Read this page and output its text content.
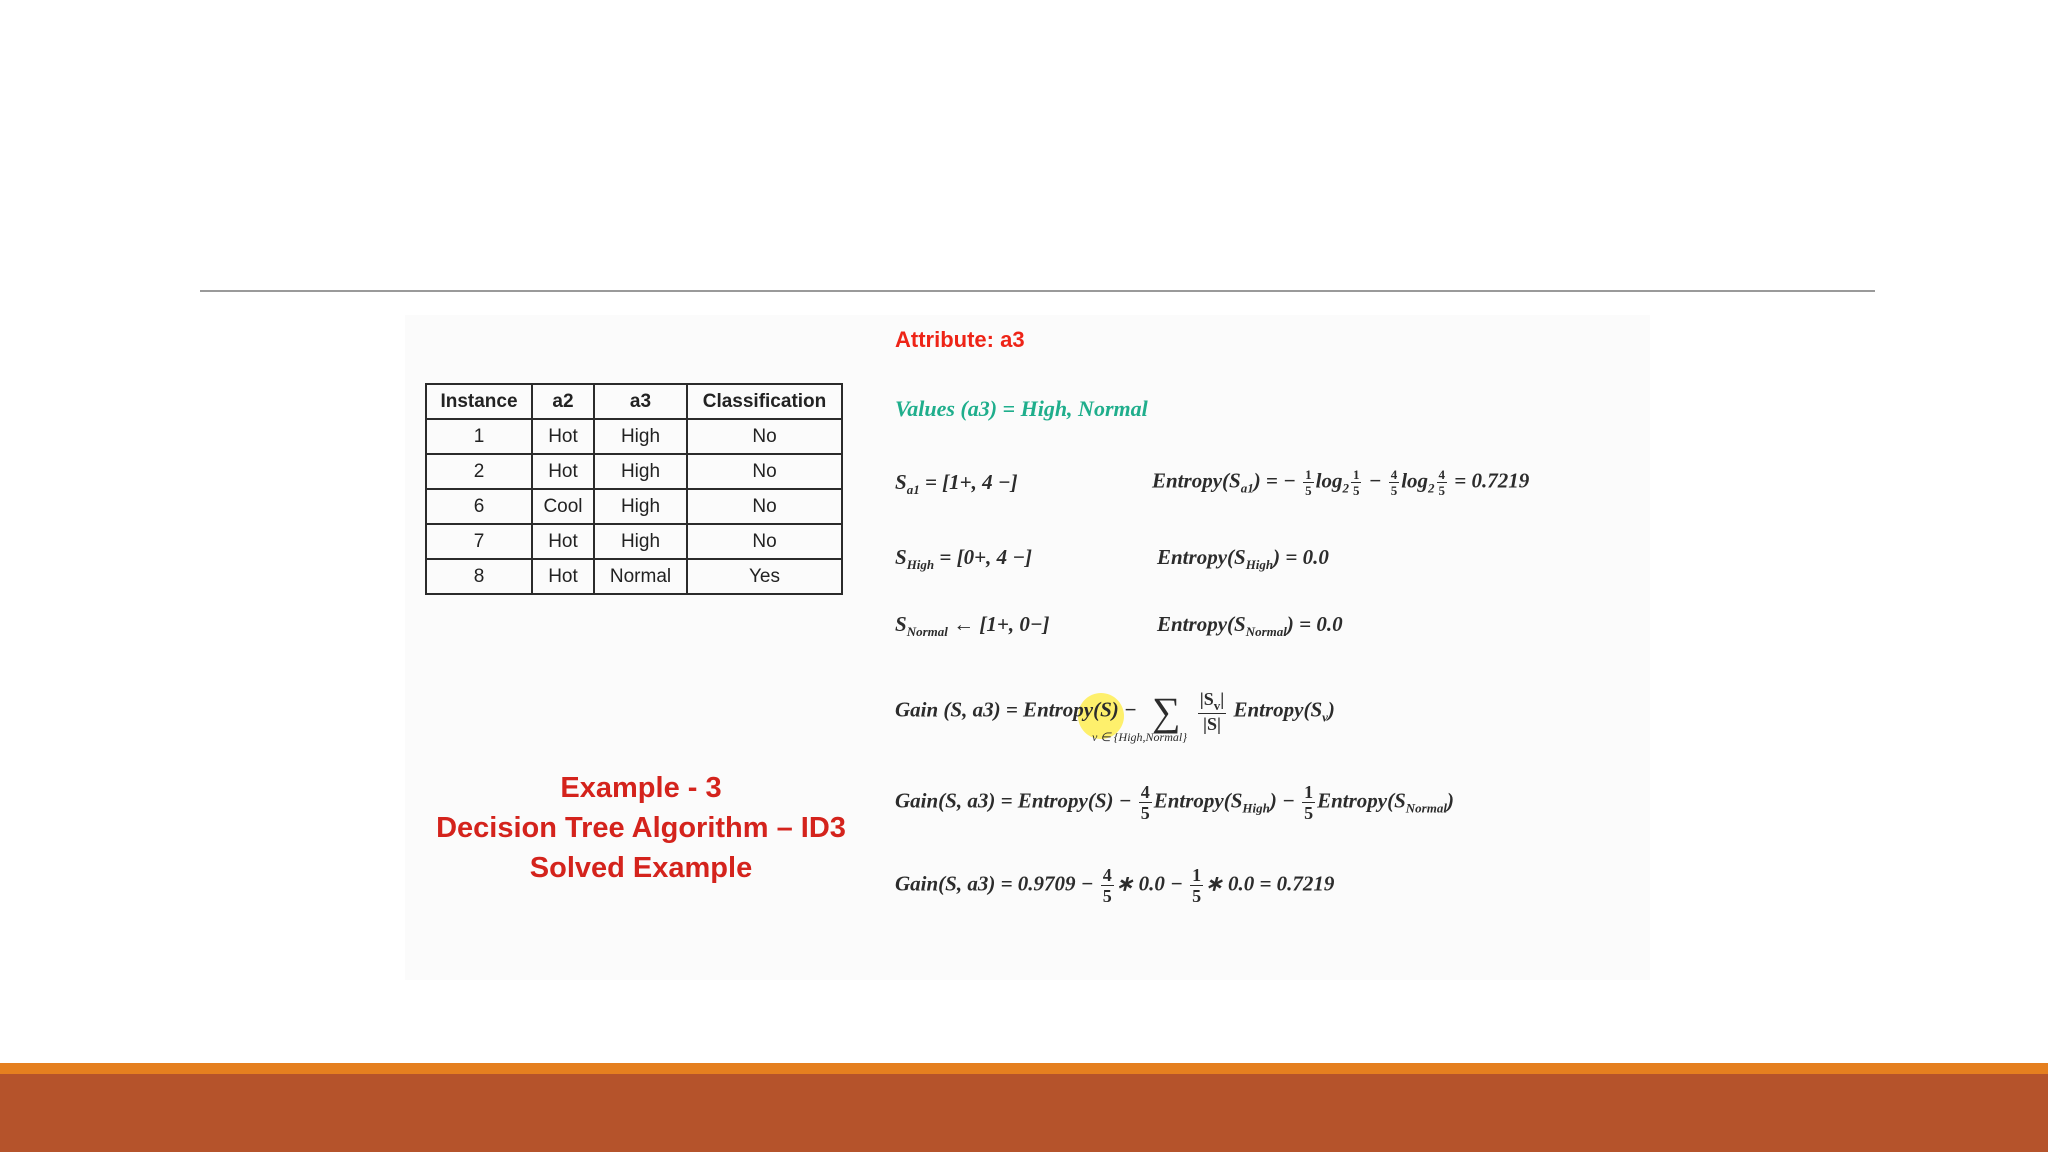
Instance	a2	a3	Classification
1	Hot	High	No
2	Hot	High	No
6	Cool	High	No
7	Hot	High	No
8	Hot	Normal	Yes
Example - 3
Decision Tree Algorithm – ID3
Solved Example
Attribute: a3
Values (a3) = High, Normal
$S_{a1} = [1+$, 4 −]	$Entropy(S_{a1})$ = − $\frac{1}{5} \log_2 \frac{1}{5} - \frac{4}{5} \log_2 \frac{4}{5} = 0.7219$
$S_{High} = [0+$, 4 −]	$Entropy(S_{High}) = 0.0$
$S_{Normal}$ ← [1+, 0−]	$Entropy(S_{Normal}) = 0.0$
Gain (S, a3) = Entropy(S) − ∑
v ∈ {High,Normal}

$\frac{|S_v|}{|S|}$ $Entropy(S_v)$
Gain(S, a3) = Entropy(S) − $\frac{4}{5}$ $Entropy(S_{High}) - \frac{1}{5}$ $Entropy(S_{Normal})$
Gain(S, $a3) = 0.9709 - \frac{4}{5}$ ∗ $0.0 - \frac{1}{5}$ ∗ 0.0 = 0.7219
